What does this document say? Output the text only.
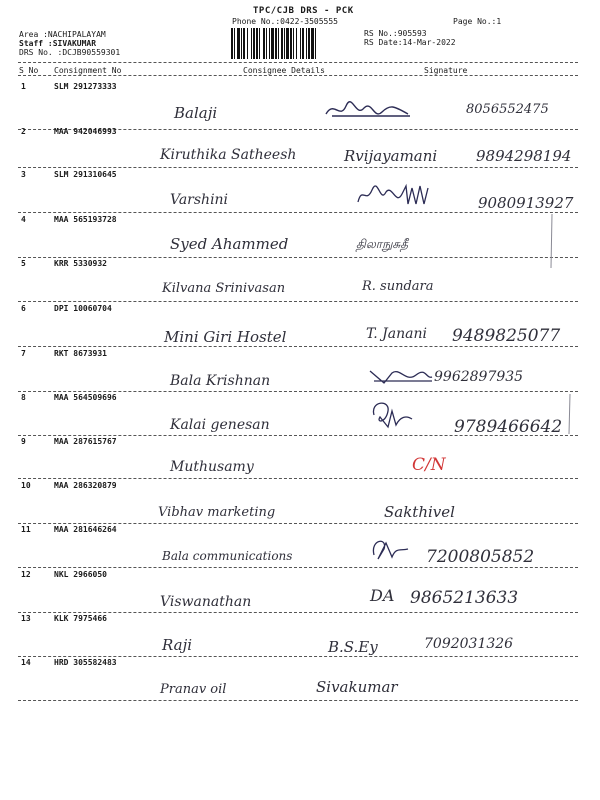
TPC/CJB DRS - PCK
Phone No.:0422-3505555	Page No.:1
Area :NACHIPALAYAM
Staff :SIVAKUMAR
DRS No. :DCJB90559301
RS No.:905593
RS Date:14-Mar-2022
S No Consignment No	Consignee Details	Signature
1	SLM 291273333
Balaji	8056552475
2	MAA 942046993
Kiruthika Satheesh	Rvijayamani	9894298194
3	SLM 291310645
Varshini	9080913927
4	MAA 565193728
Syed Ahammed	திலாநுசுதீ
5	KRR 5330932
Kilvana Srinivasan	R. sundara
6	DPI 10060704
Mini Giri Hostel	T. Janani 9489825077
7	RKT 8673931
Bala Krishnan	9962897935
8	MAA 564509696
Kalai genesan	9789466642
9	MAA 287615767
Muthusamy	C/N
10	MAA 286320879
Vibhav marketing	Sakthivel
11	MAA 281646264
Bala communications	7200805852
12	NKL 2966050
Viswanathan	DA 9865213633
13	KLK 7975466
Raji	B.S.Ey	7092031326
14	HRD 305582483
Pranav oil	Sivakumar
